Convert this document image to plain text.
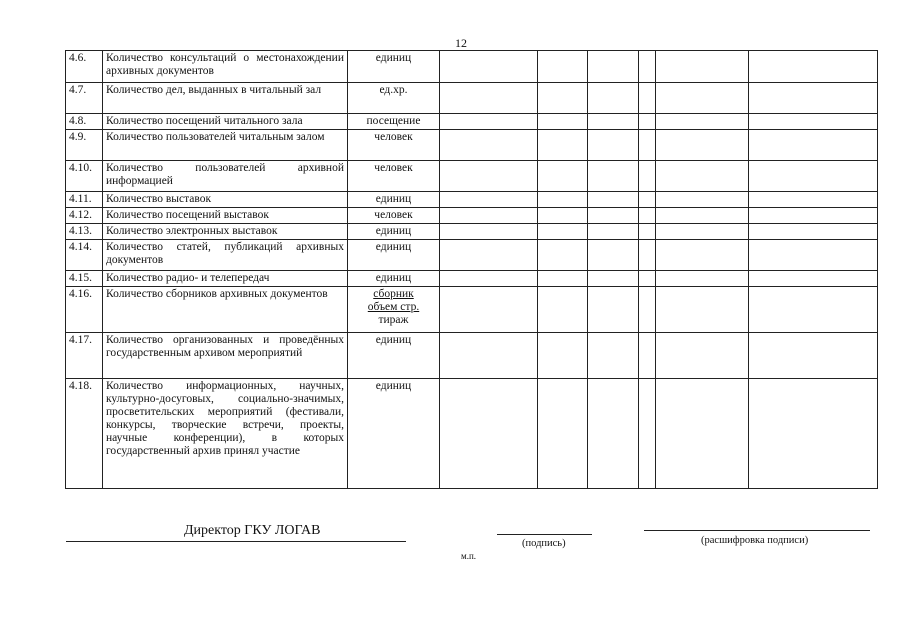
12
4.6.	Количество консультаций о местонахождении архивных документов	единиц						

4.7.	Количество дел, выданных в читальный зал	ед.хр.						

4.8.	Количество посещений читального зала	посещение						

4.9.	Количество пользователей читальным залом	человек						

4.10.	Количество пользователей архивной информацией	человек						

4.11.	Количество выставок	единиц						

4.12.	Количество посещений выставок	человек						

4.13.	Количество электронных выставок	единиц						

4.14.	Количество статей, публикаций архивных документов	единиц						

4.15.	Количество радио- и телепередач	единиц						

4.16.	Количество сборников архивных документов	сборник
объем стр.
тираж						

4.17.	Количество организованных и проведённых государственным архивом мероприятий	единиц						

4.18.	Количество информационных, научных, культурно-досуговых, социально-значимых, просветительских мероприятий (фестивали, конкурсы, творческие встречи, проекты, научные конференции), в которых государственный архив принял участие	единиц						

Директор ГКУ ЛОГАВ
(подпись)	(расшифровка подписи)
м.п.
